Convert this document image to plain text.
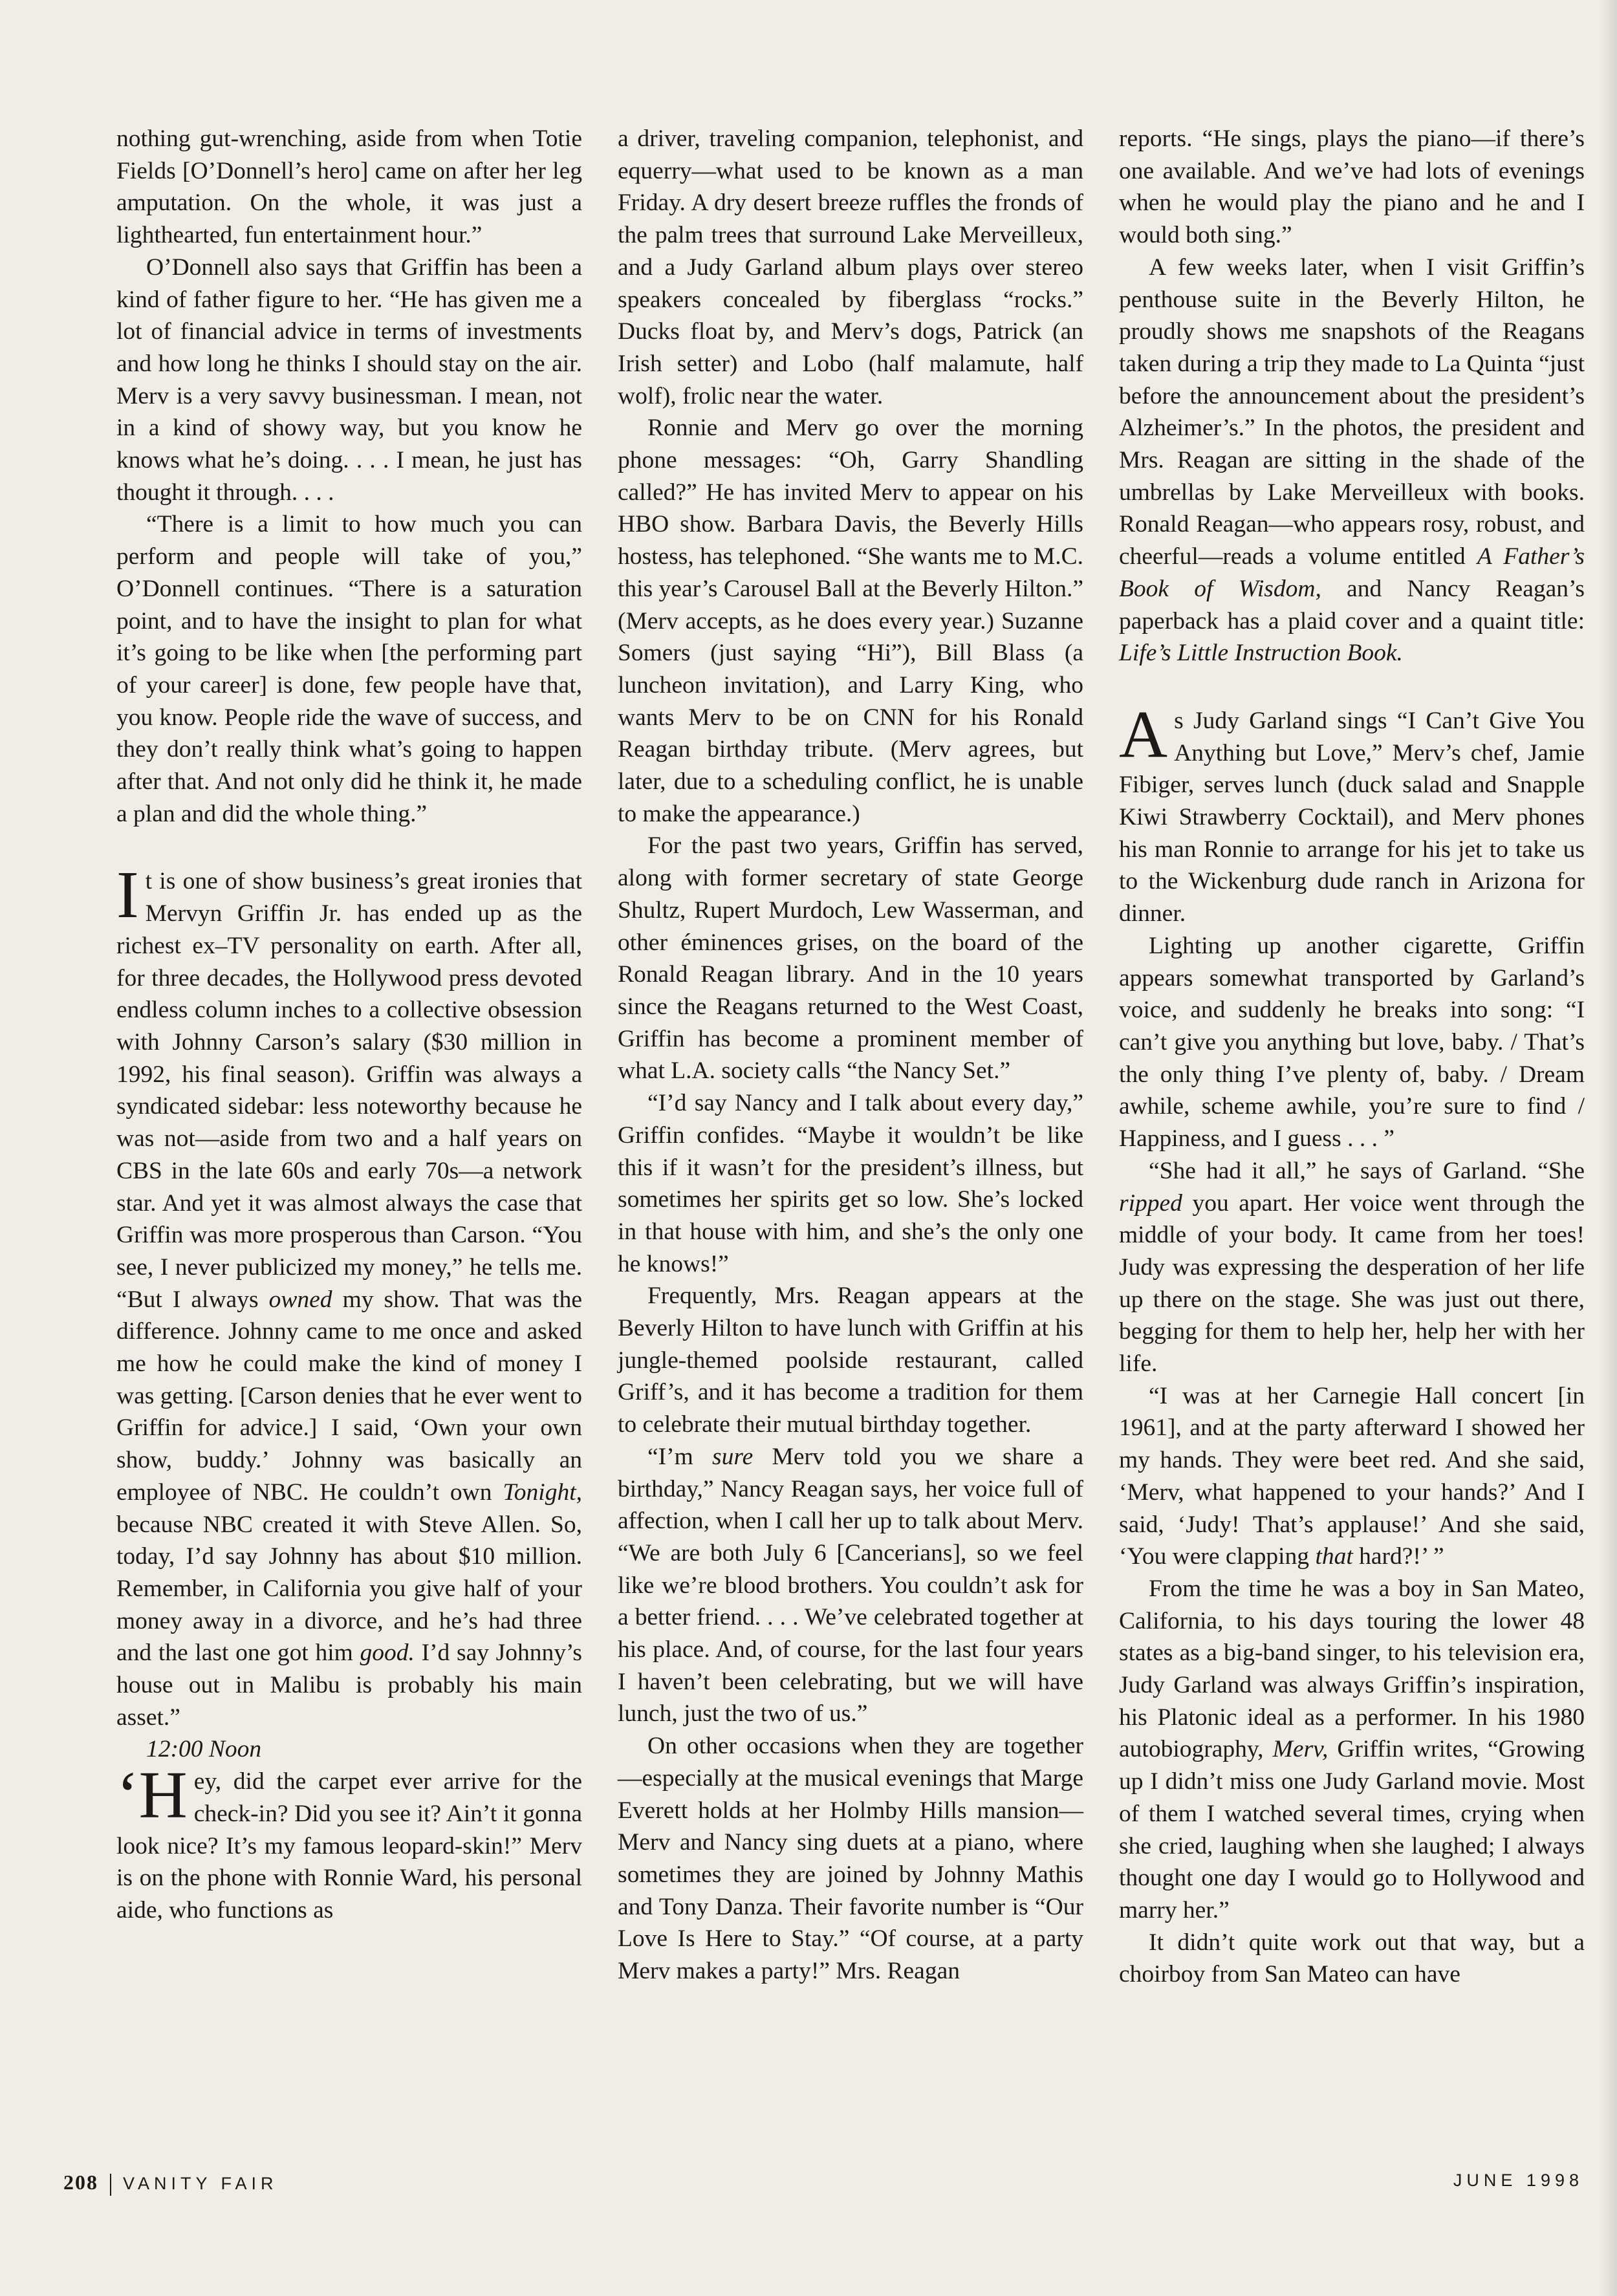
nothing gut-wrenching, aside from when Totie Fields [O’Donnell’s hero] came on after her leg amputation. On the whole, it was just a lighthearted, fun entertainment hour.”

O’Donnell also says that Griffin has been a kind of father figure to her. “He has given me a lot of financial advice in terms of investments and how long he thinks I should stay on the air. Merv is a very savvy businessman. I mean, not in a kind of showy way, but you know he knows what he’s doing. . . . I mean, he just has thought it through. . . .

“There is a limit to how much you can perform and people will take of you,” O’Donnell continues. “There is a saturation point, and to have the insight to plan for what it’s going to be like when [the performing part of your career] is done, few people have that, you know. People ride the wave of success, and they don’t really think what’s going to happen after that. And not only did he think it, he made a plan and did the whole thing.”

It is one of show business’s great ironies that Mervyn Griffin Jr. has ended up as the richest ex–TV personality on earth. After all, for three decades, the Hollywood press devoted endless column inches to a collective obsession with Johnny Carson’s salary ($30 million in 1992, his final season). Griffin was always a syndicated sidebar: less noteworthy because he was not—aside from two and a half years on CBS in the late 60s and early 70s—a network star. And yet it was almost always the case that Griffin was more prosperous than Carson. “You see, I never publicized my money,” he tells me. “But I always owned my show. That was the difference. Johnny came to me once and asked me how he could make the kind of money I was getting. [Carson denies that he ever went to Griffin for advice.] I said, ‘Own your own show, buddy.’ Johnny was basically an employee of NBC. He couldn’t own Tonight, because NBC created it with Steve Allen. So, today, I’d say Johnny has about $10 million. Remember, in California you give half of your money away in a divorce, and he’s had three and the last one got him good. I’d say Johnny’s house out in Malibu is probably his main asset.”

12:00 Noon

‘Hey, did the carpet ever arrive for the check-in? Did you see it? Ain’t it gonna look nice? It’s my famous leopard-skin!” Merv is on the phone with Ronnie Ward, his personal aide, who functions as

a driver, traveling companion, telephonist, and equerry—what used to be known as a man Friday. A dry desert breeze ruffles the fronds of the palm trees that surround Lake Merveilleux, and a Judy Garland album plays over stereo speakers concealed by fiberglass “rocks.” Ducks float by, and Merv’s dogs, Patrick (an Irish setter) and Lobo (half malamute, half wolf), frolic near the water.

Ronnie and Merv go over the morning phone messages: “Oh, Garry Shandling called?” He has invited Merv to appear on his HBO show. Barbara Davis, the Beverly Hills hostess, has telephoned. “She wants me to M.C. this year’s Carousel Ball at the Beverly Hilton.” (Merv accepts, as he does every year.) Suzanne Somers (just saying “Hi”), Bill Blass (a luncheon invitation), and Larry King, who wants Merv to be on CNN for his Ronald Reagan birthday tribute. (Merv agrees, but later, due to a scheduling conflict, he is unable to make the appearance.)

For the past two years, Griffin has served, along with former secretary of state George Shultz, Rupert Murdoch, Lew Wasserman, and other éminences grises, on the board of the Ronald Reagan library. And in the 10 years since the Reagans returned to the West Coast, Griffin has become a prominent member of what L.A. society calls “the Nancy Set.”

“I’d say Nancy and I talk about every day,” Griffin confides. “Maybe it wouldn’t be like this if it wasn’t for the president’s illness, but sometimes her spirits get so low. She’s locked in that house with him, and she’s the only one he knows!”

Frequently, Mrs. Reagan appears at the Beverly Hilton to have lunch with Griffin at his jungle-themed poolside restaurant, called Griff’s, and it has become a tradition for them to celebrate their mutual birthday together.

“I’m sure Merv told you we share a birthday,” Nancy Reagan says, her voice full of affection, when I call her up to talk about Merv. “We are both July 6 [Cancerians], so we feel like we’re blood brothers. You couldn’t ask for a better friend. . . . We’ve celebrated together at his place. And, of course, for the last four years I haven’t been celebrating, but we will have lunch, just the two of us.”

On other occasions when they are together—especially at the musical evenings that Marge Everett holds at her Holmby Hills mansion—Merv and Nancy sing duets at a piano, where sometimes they are joined by Johnny Mathis and Tony Danza. Their favorite number is “Our Love Is Here to Stay.” “Of course, at a party Merv makes a party!” Mrs. Reagan

reports. “He sings, plays the piano—if there’s one available. And we’ve had lots of evenings when he would play the piano and he and I would both sing.”

A few weeks later, when I visit Griffin’s penthouse suite in the Beverly Hilton, he proudly shows me snapshots of the Reagans taken during a trip they made to La Quinta “just before the announcement about the president’s Alzheimer’s.” In the photos, the president and Mrs. Reagan are sitting in the shade of the umbrellas by Lake Merveilleux with books. Ronald Reagan—who appears rosy, robust, and cheerful—reads a volume entitled A Father’s Book of Wisdom, and Nancy Reagan’s paperback has a plaid cover and a quaint title: Life’s Little Instruction Book.

As Judy Garland sings “I Can’t Give You Anything but Love,” Merv’s chef, Jamie Fibiger, serves lunch (duck salad and Snapple Kiwi Strawberry Cocktail), and Merv phones his man Ronnie to arrange for his jet to take us to the Wickenburg dude ranch in Arizona for dinner.

Lighting up another cigarette, Griffin appears somewhat transported by Garland’s voice, and suddenly he breaks into song: “I can’t give you anything but love, baby. / That’s the only thing I’ve plenty of, baby. / Dream awhile, scheme awhile, you’re sure to find / Happiness, and I guess . . . ”

“She had it all,” he says of Garland. “She ripped you apart. Her voice went through the middle of your body. It came from her toes! Judy was expressing the desperation of her life up there on the stage. She was just out there, begging for them to help her, help her with her life.

“I was at her Carnegie Hall concert [in 1961], and at the party afterward I showed her my hands. They were beet red. And she said, ‘Merv, what happened to your hands?’ And I said, ‘Judy! That’s applause!’ And she said, ‘You were clapping that hard?!’ ”

From the time he was a boy in San Mateo, California, to his days touring the lower 48 states as a big-band singer, to his television era, Judy Garland was always Griffin’s inspiration, his Platonic ideal as a performer. In his 1980 autobiography, Merv, Griffin writes, “Growing up I didn’t miss one Judy Garland movie. Most of them I watched several times, crying when she cried, laughing when she laughed; I always thought one day I would go to Hollywood and marry her.”

It didn’t quite work out that way, but a choirboy from San Mateo can have

208 VANITY FAIR	JUNE 1998
